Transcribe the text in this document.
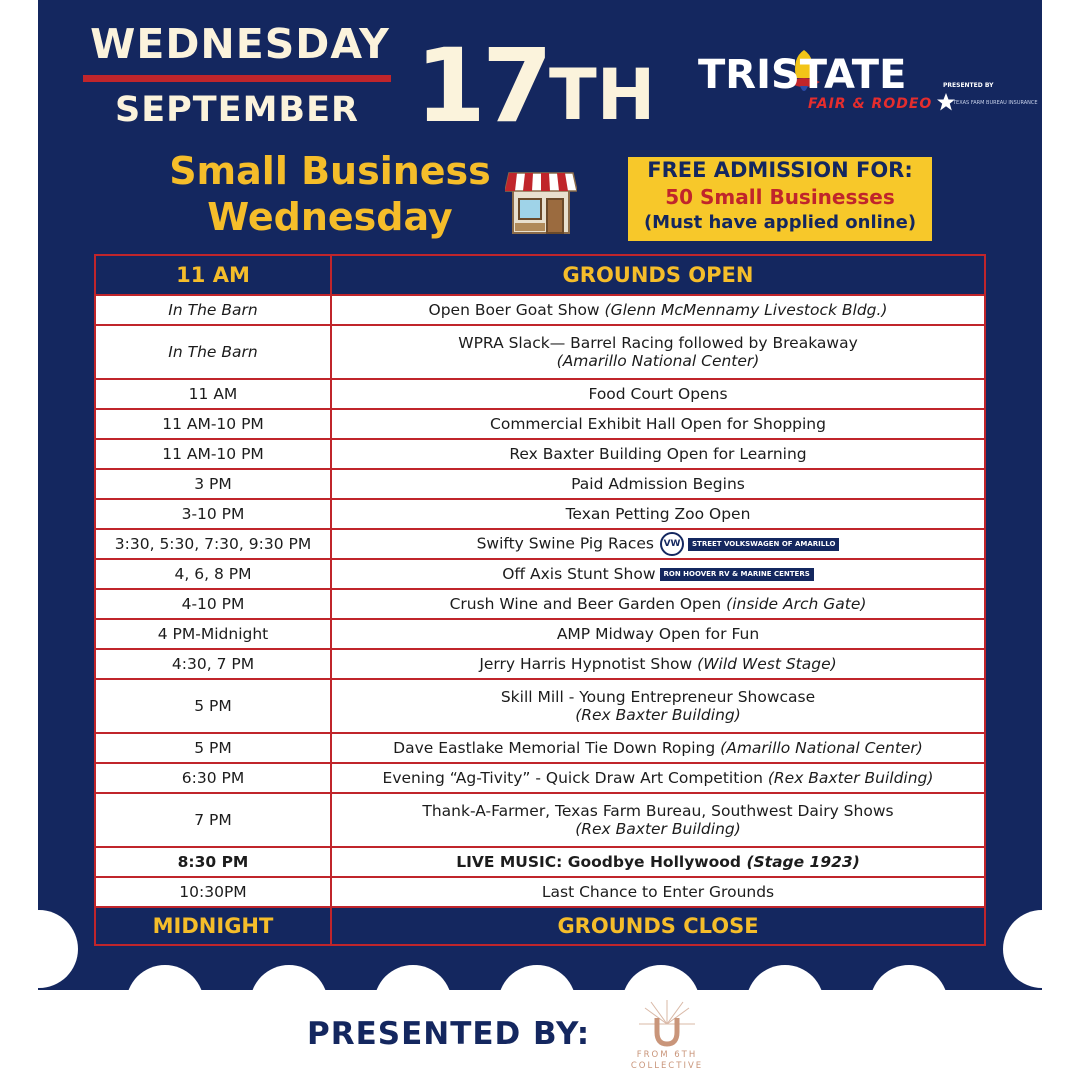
WEDNESDAY
SEPTEMBER 17TH TRISTATE
FAIR & RODEO
PRESENTED BY
TEXAS FARM BUREAU INSURANCE
Small Business
Wednesday
FREE ADMISSION FOR:
50 Small Businesses
(Must have applied online)
11 AM	GROUNDS OPEN
In The Barn	Open Boer Goat Show (Glenn McMennamy Livestock Bldg.)
In The Barn	WPRA Slack— Barrel Racing followed by Breakaway
(Amarillo National Center)
11 AM	Food Court Opens
11 AM-10 PM	Commercial Exhibit Hall Open for Shopping
11 AM-10 PM	Rex Baxter Building Open for Learning
3 PM	Paid Admission Begins
3-10 PM	Texan Petting Zoo Open
3:30, 5:30, 7:30, 9:30 PM	Swifty Swine Pig Races VW STREET VOLKSWAGEN OF AMARILLO
4, 6, 8 PM	Off Axis Stunt Show RON HOOVER RV & MARINE CENTERS
4-10 PM	Crush Wine and Beer Garden Open (inside Arch Gate)
4 PM-Midnight	AMP Midway Open for Fun
4:30, 7 PM	Jerry Harris Hypnotist Show (Wild West Stage)
5 PM	Skill Mill - Young Entrepreneur Showcase
(Rex Baxter Building)
5 PM	Dave Eastlake Memorial Tie Down Roping (Amarillo National Center)
6:30 PM	Evening “Ag-Tivity” - Quick Draw Art Competition (Rex Baxter Building)
7 PM	Thank-A-Farmer, Texas Farm Bureau, Southwest Dairy Shows
(Rex Baxter Building)
8:30 PM	LIVE MUSIC: Goodbye Hollywood (Stage 1923)
10:30PM	Last Chance to Enter Grounds
MIDNIGHT	GROUNDS CLOSE
PRESENTED BY:
FROM 6TH
COLLECTIVE
